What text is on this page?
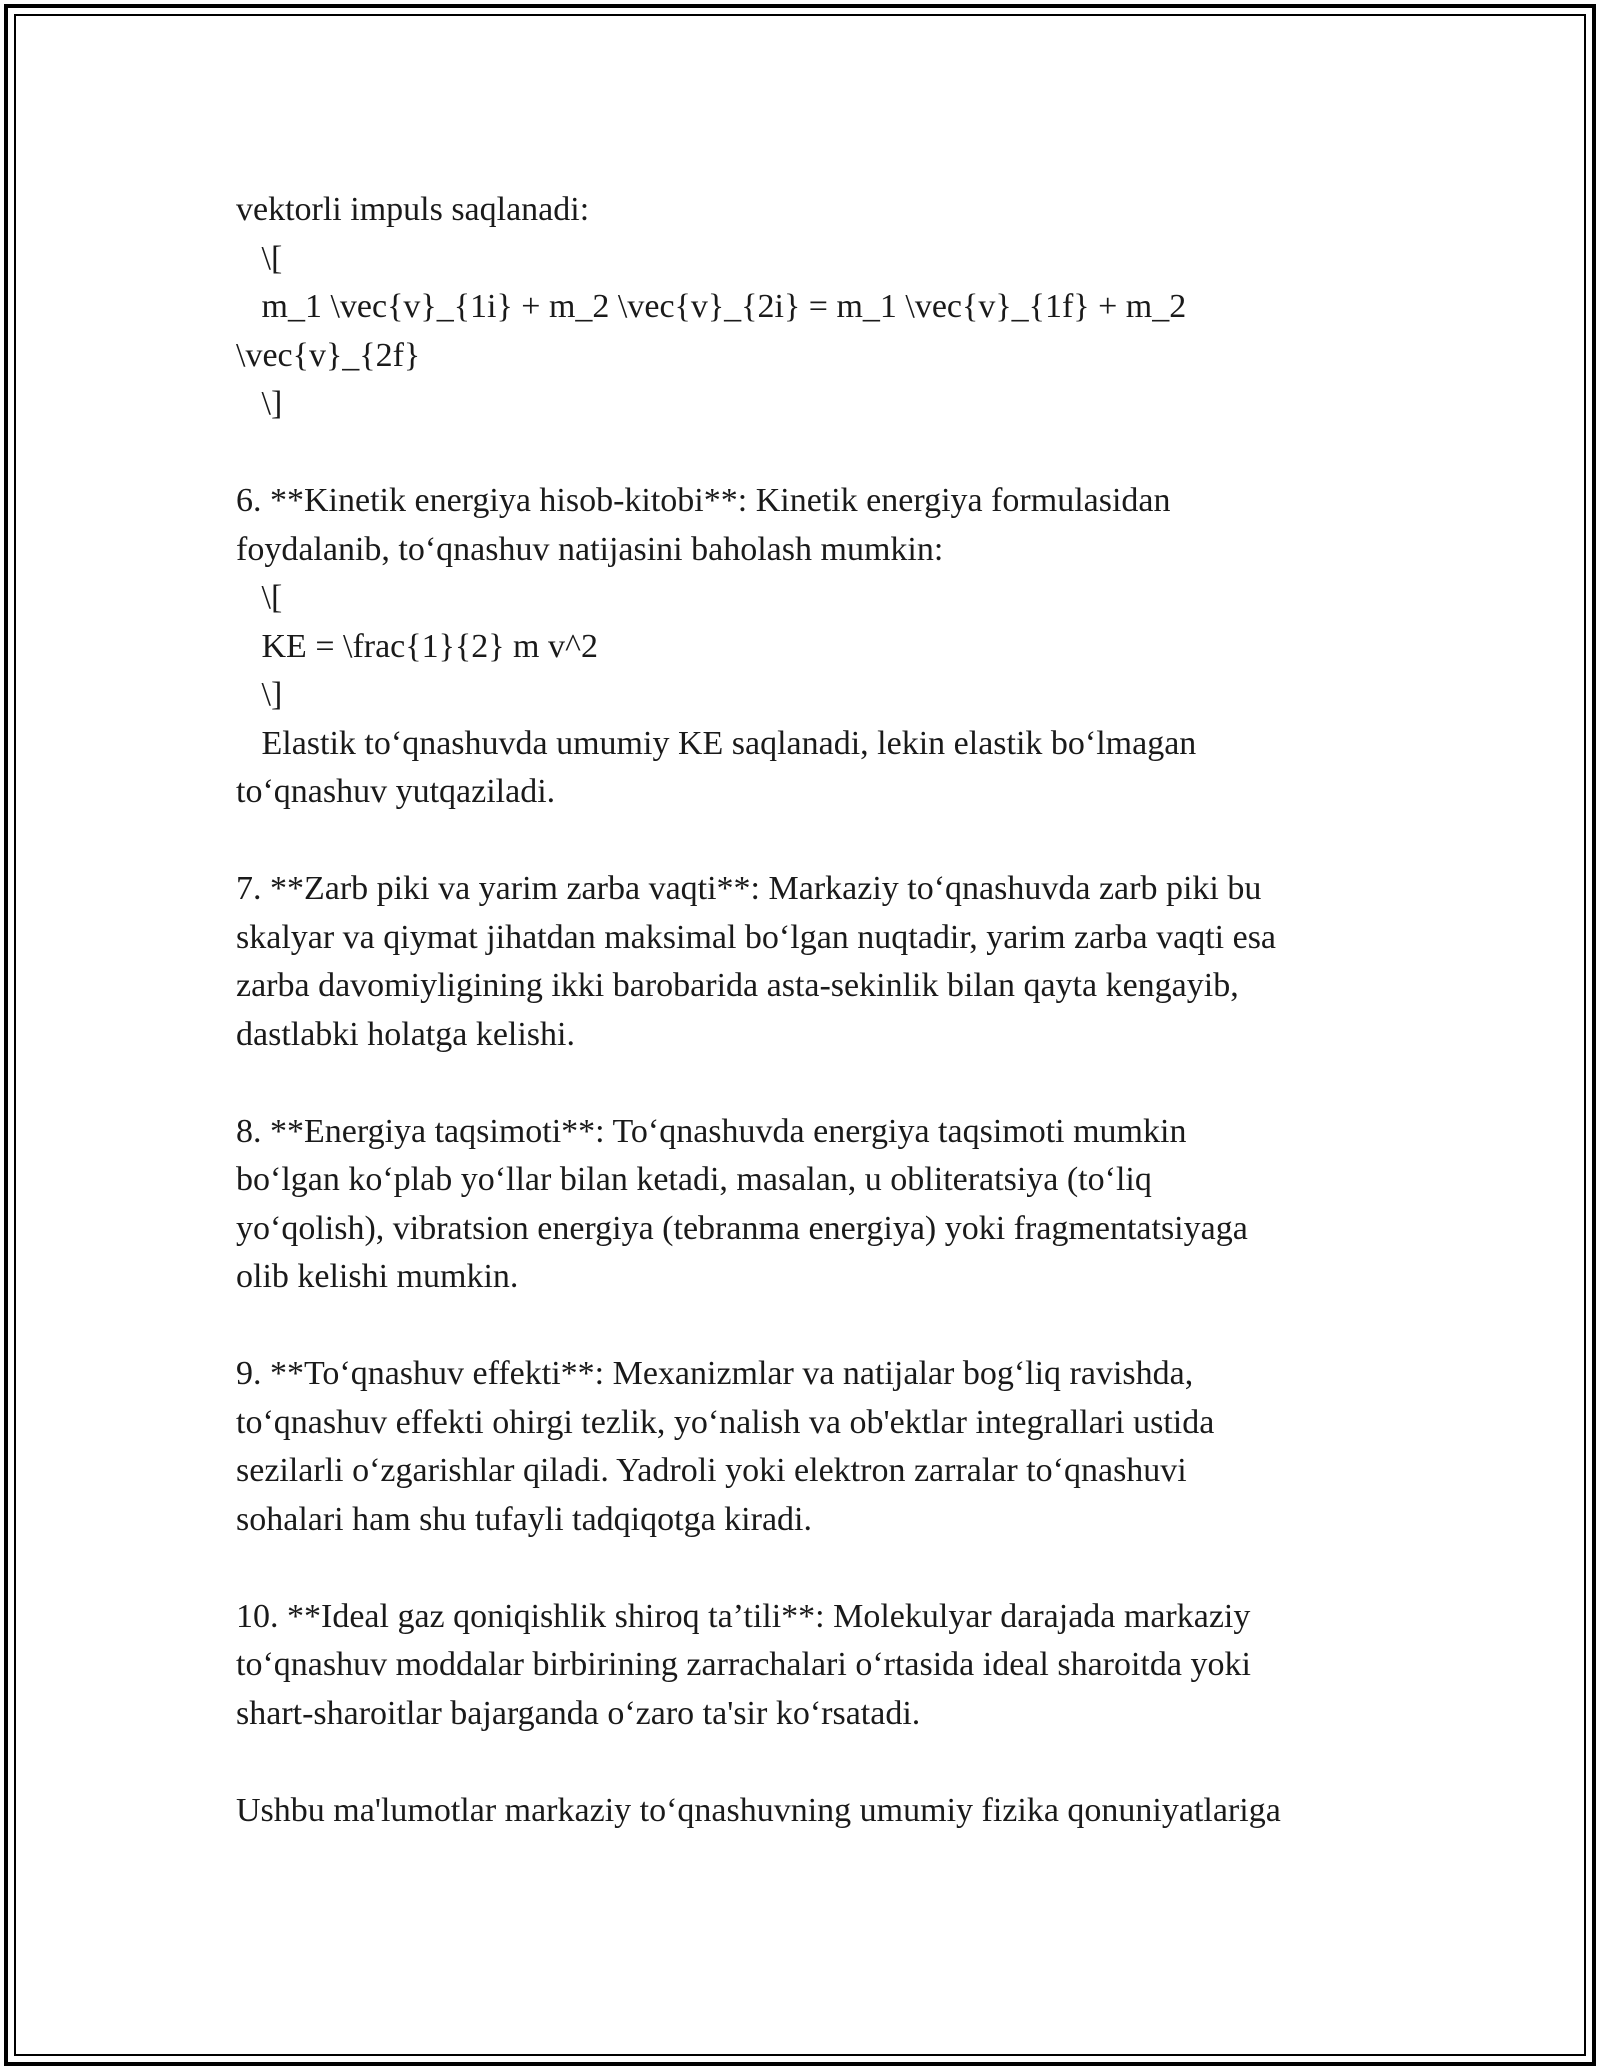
vektorli impuls saqlanadi:

\[

m_1 \vec{v}_{1i} + m_2 \vec{v}_{2i} = m_1 \vec{v}_{1f} + m_2

\vec{v}_{2f}

\]

6. **Kinetik energiya hisob-kitobi**: Kinetik energiya formulasidan

foydalanib, to‘qnashuv natijasini baholash mumkin:

\[

KE = \frac{1}{2} m v^2

\]

Elastik to‘qnashuvda umumiy KE saqlanadi, lekin elastik bo‘lmagan

to‘qnashuv yutqaziladi.

7. **Zarb piki va yarim zarba vaqti**: Markaziy to‘qnashuvda zarb piki bu

skalyar va qiymat jihatdan maksimal bo‘lgan nuqtadir, yarim zarba vaqti esa

zarba davomiyligining ikki barobarida asta-sekinlik bilan qayta kengayib,

dastlabki holatga kelishi.

8. **Energiya taqsimoti**: To‘qnashuvda energiya taqsimoti mumkin

bo‘lgan ko‘plab yo‘llar bilan ketadi, masalan, u obliteratsiya (to‘liq

yo‘qolish), vibratsion energiya (tebranma energiya) yoki fragmentatsiyaga

olib kelishi mumkin.

9. **To‘qnashuv effekti**: Mexanizmlar va natijalar bog‘liq ravishda,

to‘qnashuv effekti ohirgi tezlik, yo‘nalish va ob'ektlar integrallari ustida

sezilarli o‘zgarishlar qiladi. Yadroli yoki elektron zarralar to‘qnashuvi

sohalari ham shu tufayli tadqiqotga kiradi.

10. **Ideal gaz qoniqishlik shiroq ta’tili**: Molekulyar darajada markaziy

to‘qnashuv moddalar birbirining zarrachalari o‘rtasida ideal sharoitda yoki

shart-sharoitlar bajarganda o‘zaro ta'sir ko‘rsatadi.

Ushbu ma'lumotlar markaziy to‘qnashuvning umumiy fizika qonuniyatlariga
